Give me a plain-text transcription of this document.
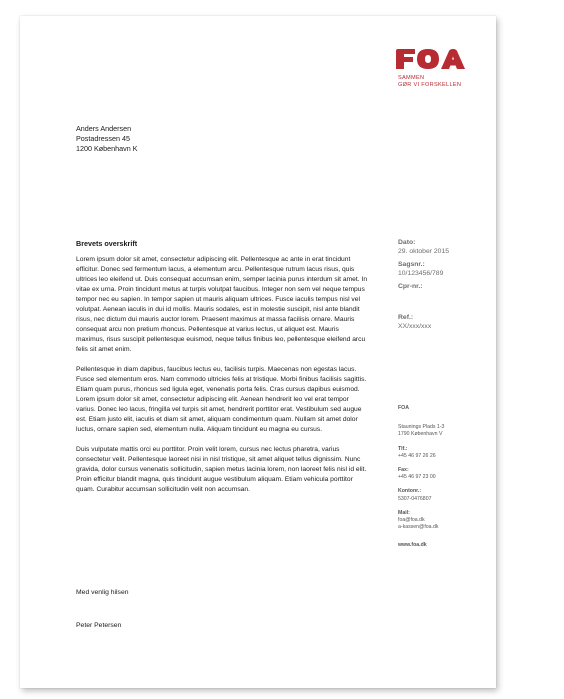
SAMMEN
GØR VI FORSKELLEN
Anders Andersen
Postadressen 45
1200 København K
Brevets overskrift

Lorem ipsum dolor sit amet, consectetur adipiscing elit. Pellentesque ac ante in erat tincidunt efficitur. Donec sed fermentum lacus, a elementum arcu. Pellentesque rutrum lacus risus, quis ultrices leo eleifend ut. Duis consequat accumsan enim, semper lacinia purus interdum sit amet. In vitae ex urna. Proin tincidunt metus at turpis volutpat faucibus. Integer non sem vel neque tempus tempor nec eu sapien. In tempor sapien ut mauris aliquam ultrices. Fusce iaculis tempus nisl vel volutpat. Aenean iaculis in dui id mollis. Mauris sodales, est in molestie suscipit, nisl ante blandit risus, nec dictum dui mauris auctor lorem. Praesent maximus at massa facilisis ornare. Mauris consequat arcu non pretium rhoncus. Pellentesque at varius lectus, ut aliquet est. Mauris maximus, risus suscipit pellentesque euismod, neque tellus finibus leo, pellentesque eleifend arcu felis sit amet enim.

Pellentesque in diam dapibus, faucibus lectus eu, facilisis turpis. Maecenas non egestas lacus. Fusce sed elementum eros. Nam commodo ultricies felis at tristique. Morbi finibus facilisis sagittis. Etiam quam purus, rhoncus sed ligula eget, venenatis porta felis. Cras cursus dapibus euismod. Lorem ipsum dolor sit amet, consectetur adipiscing elit. Aenean hendrerit leo vel erat tempor varius. Donec leo lacus, fringilla vel turpis sit amet, hendrerit porttitor erat. Vestibulum sed augue est. Etiam justo elit, iaculis et diam sit amet, aliquam condimentum quam. Nullam sit amet dolor luctus, ornare sapien sed, elementum nulla. Aliquam tincidunt eu magna eu cursus.

Duis vulputate mattis orci eu porttitor. Proin velit lorem, cursus nec lectus pharetra, varius consectetur velit. Pellentesque laoreet nisi in nisl tristique, sit amet aliquet tellus dignissim. Nunc gravida, dolor cursus venenatis sollicitudin, sapien metus lacinia lorem, non laoreet felis nisl id elit. Proin efficitur blandit magna, quis tincidunt augue vestibulum aliquam. Etiam vehicula porttitor quam. Curabitur accumsan sollicitudin velit non accumsan.

Med venlig hilsen
Peter Petersen
Dato:
29. oktober 2015
Sagsnr.:
10/123456/789
Cpr-nr.:
Ref.:
XX/xxx/xxx
FOA
Staunings Plads 1-3
1790 København V
Tlf.:
+45 46 97 26 26
Fax:
+45 46 97 23 00
Kontonr.:
5307-0476807
Mail:
foa@foa.dk
a-kassen@foa.dk
www.foa.dk
